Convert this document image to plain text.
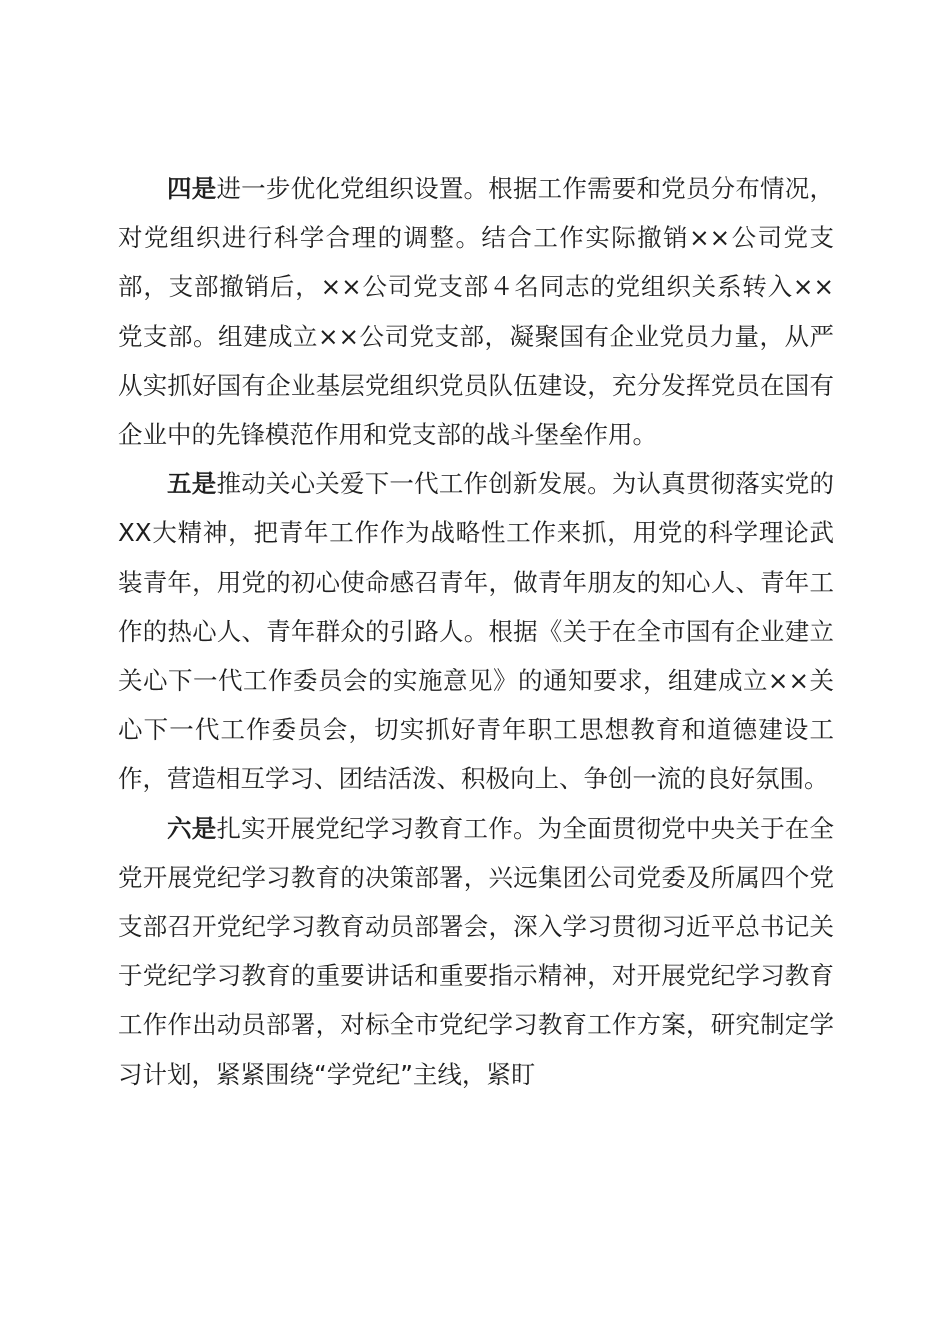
四是进一步优化党组织设置。根据工作需要和党员分布情况，对党组织进行科学合理的调整。结合工作实际撤销××公司党支部，支部撤销后，××公司党支部４名同志的党组织关系转入××党支部。组建成立××公司党支部，凝聚国有企业党员力量，从严从实抓好国有企业基层党组织党员队伍建设，充分发挥党员在国有企业中的先锋模范作用和党支部的战斗堡垒作用。

五是推动关心关爱下一代工作创新发展。为认真贯彻落实党的XX大精神，把青年工作作为战略性工作来抓，用党的科学理论武装青年，用党的初心使命感召青年，做青年朋友的知心人、青年工作的热心人、青年群众的引路人。根据《关于在全市国有企业建立关心下一代工作委员会的实施意见》的通知要求，组建成立××关心下一代工作委员会，切实抓好青年职工思想教育和道德建设工作，营造相互学习、团结活泼、积极向上、争创一流的良好氛围。

六是扎实开展党纪学习教育工作。为全面贯彻党中央关于在全党开展党纪学习教育的决策部署，兴远集团公司党委及所属四个党支部召开党纪学习教育动员部署会，深入学习贯彻习近平总书记关于党纪学习教育的重要讲话和重要指示精神，对开展党纪学习教育工作作出动员部署，对标全市党纪学习教育工作方案，研究制定学习计划，紧紧围绕“学党纪”主线，紧盯
